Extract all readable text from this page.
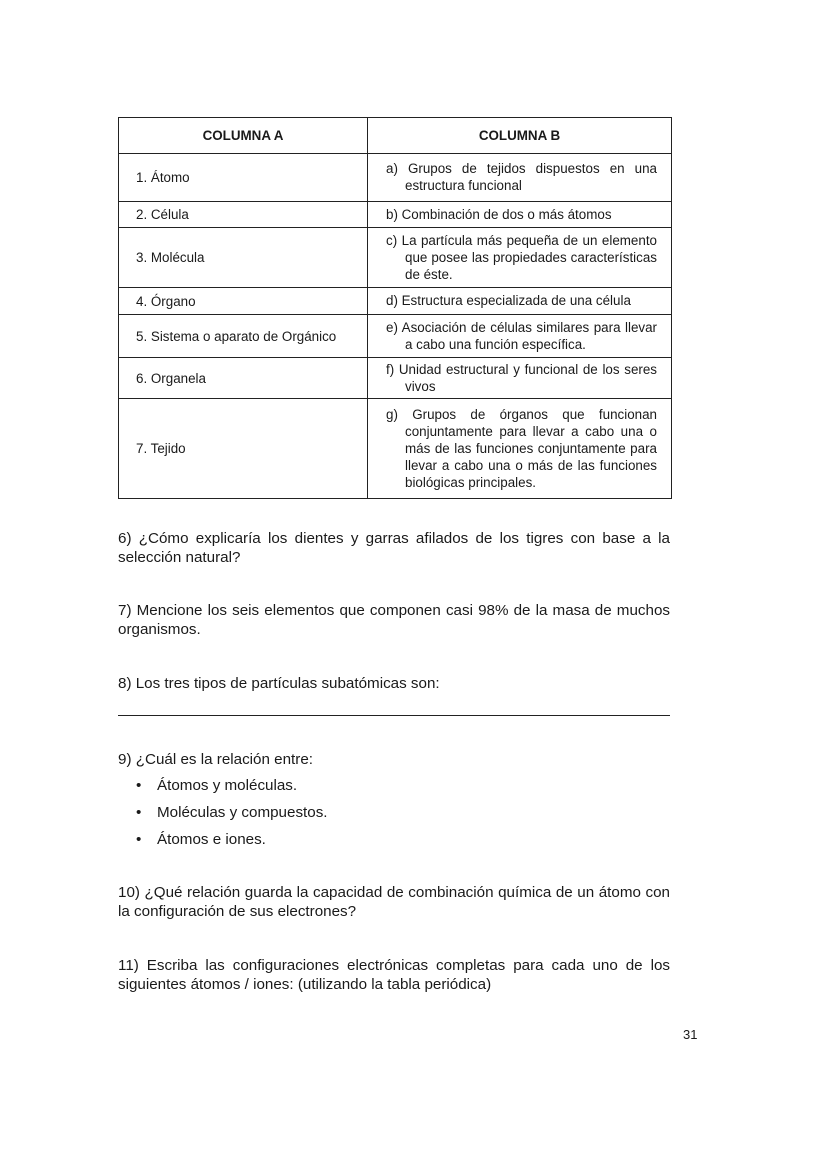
COLUMNA A	COLUMNA B
1. Átomo	a) Grupos de tejidos dispuestos en una estructura funcional

2. Célula	b) Combinación de dos o más átomos

3. Molécula	c) La partícula más pequeña de un elemento que posee las propiedades características de éste.

4. Órgano	d) Estructura especializada de una célula

5. Sistema o aparato de Orgánico	e) Asociación de células similares para llevar a cabo una función específica.

6. Organela	f) Unidad estructural y funcional de los seres vivos

7. Tejido	g) Grupos de órganos que funcionan conjuntamente para llevar a cabo una o más de las funciones conjuntamente para llevar a cabo una o más de las funciones biológicas principales.

6) ¿Cómo explicaría los dientes y garras afilados de los tigres con base a la selección natural?

7) Mencione los seis elementos que componen casi 98% de la masa de muchos organismos.

8) Los tres tipos de partículas subatómicas son:

9) ¿Cuál es la relación entre:

• Átomos y moléculas.
• Moléculas y compuestos.
• Átomos e iones.

10) ¿Qué relación guarda la capacidad de combinación química de un átomo con la configuración de sus electrones?

11) Escriba las configuraciones electrónicas completas para cada uno de los siguientes átomos / iones: (utilizando la tabla periódica)

31
